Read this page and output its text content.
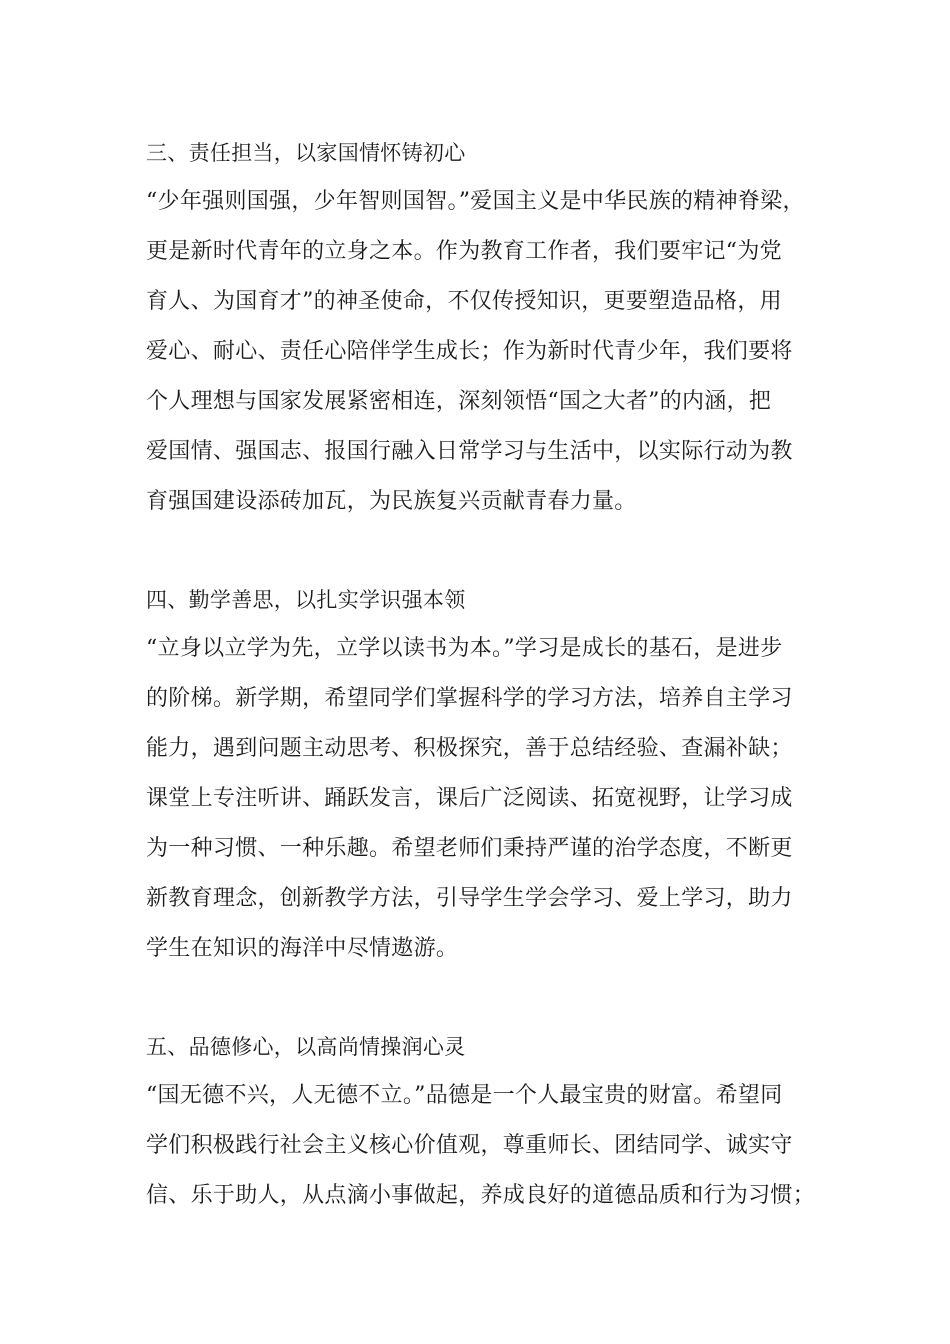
三、责任担当，以家国情怀铸初心
“少年强则国强，少年智则国智。”爱国主义是中华民族的精神脊梁，
更是新时代青年的立身之本。作为教育工作者，我们要牢记“为党
育人、为国育才”的神圣使命，不仅传授知识，更要塑造品格，用
爱心、耐心、责任心陪伴学生成长；作为新时代青少年，我们要将
个人理想与国家发展紧密相连，深刻领悟“国之大者”的内涵，把
爱国情、强国志、报国行融入日常学习与生活中，以实际行动为教
育强国建设添砖加瓦，为民族复兴贡献青春力量。
四、勤学善思，以扎实学识强本领
“立身以立学为先，立学以读书为本。”学习是成长的基石，是进步
的阶梯。新学期，希望同学们掌握科学的学习方法，培养自主学习
能力，遇到问题主动思考、积极探究，善于总结经验、查漏补缺；
课堂上专注听讲、踊跃发言，课后广泛阅读、拓宽视野，让学习成
为一种习惯、一种乐趣。希望老师们秉持严谨的治学态度，不断更
新教育理念，创新教学方法，引导学生学会学习、爱上学习，助力
学生在知识的海洋中尽情遨游。
五、品德修心，以高尚情操润心灵
“国无德不兴，人无德不立。”品德是一个人最宝贵的财富。希望同
学们积极践行社会主义核心价值观，尊重师长、团结同学、诚实守
信、乐于助人，从点滴小事做起，养成良好的道德品质和行为习惯；
